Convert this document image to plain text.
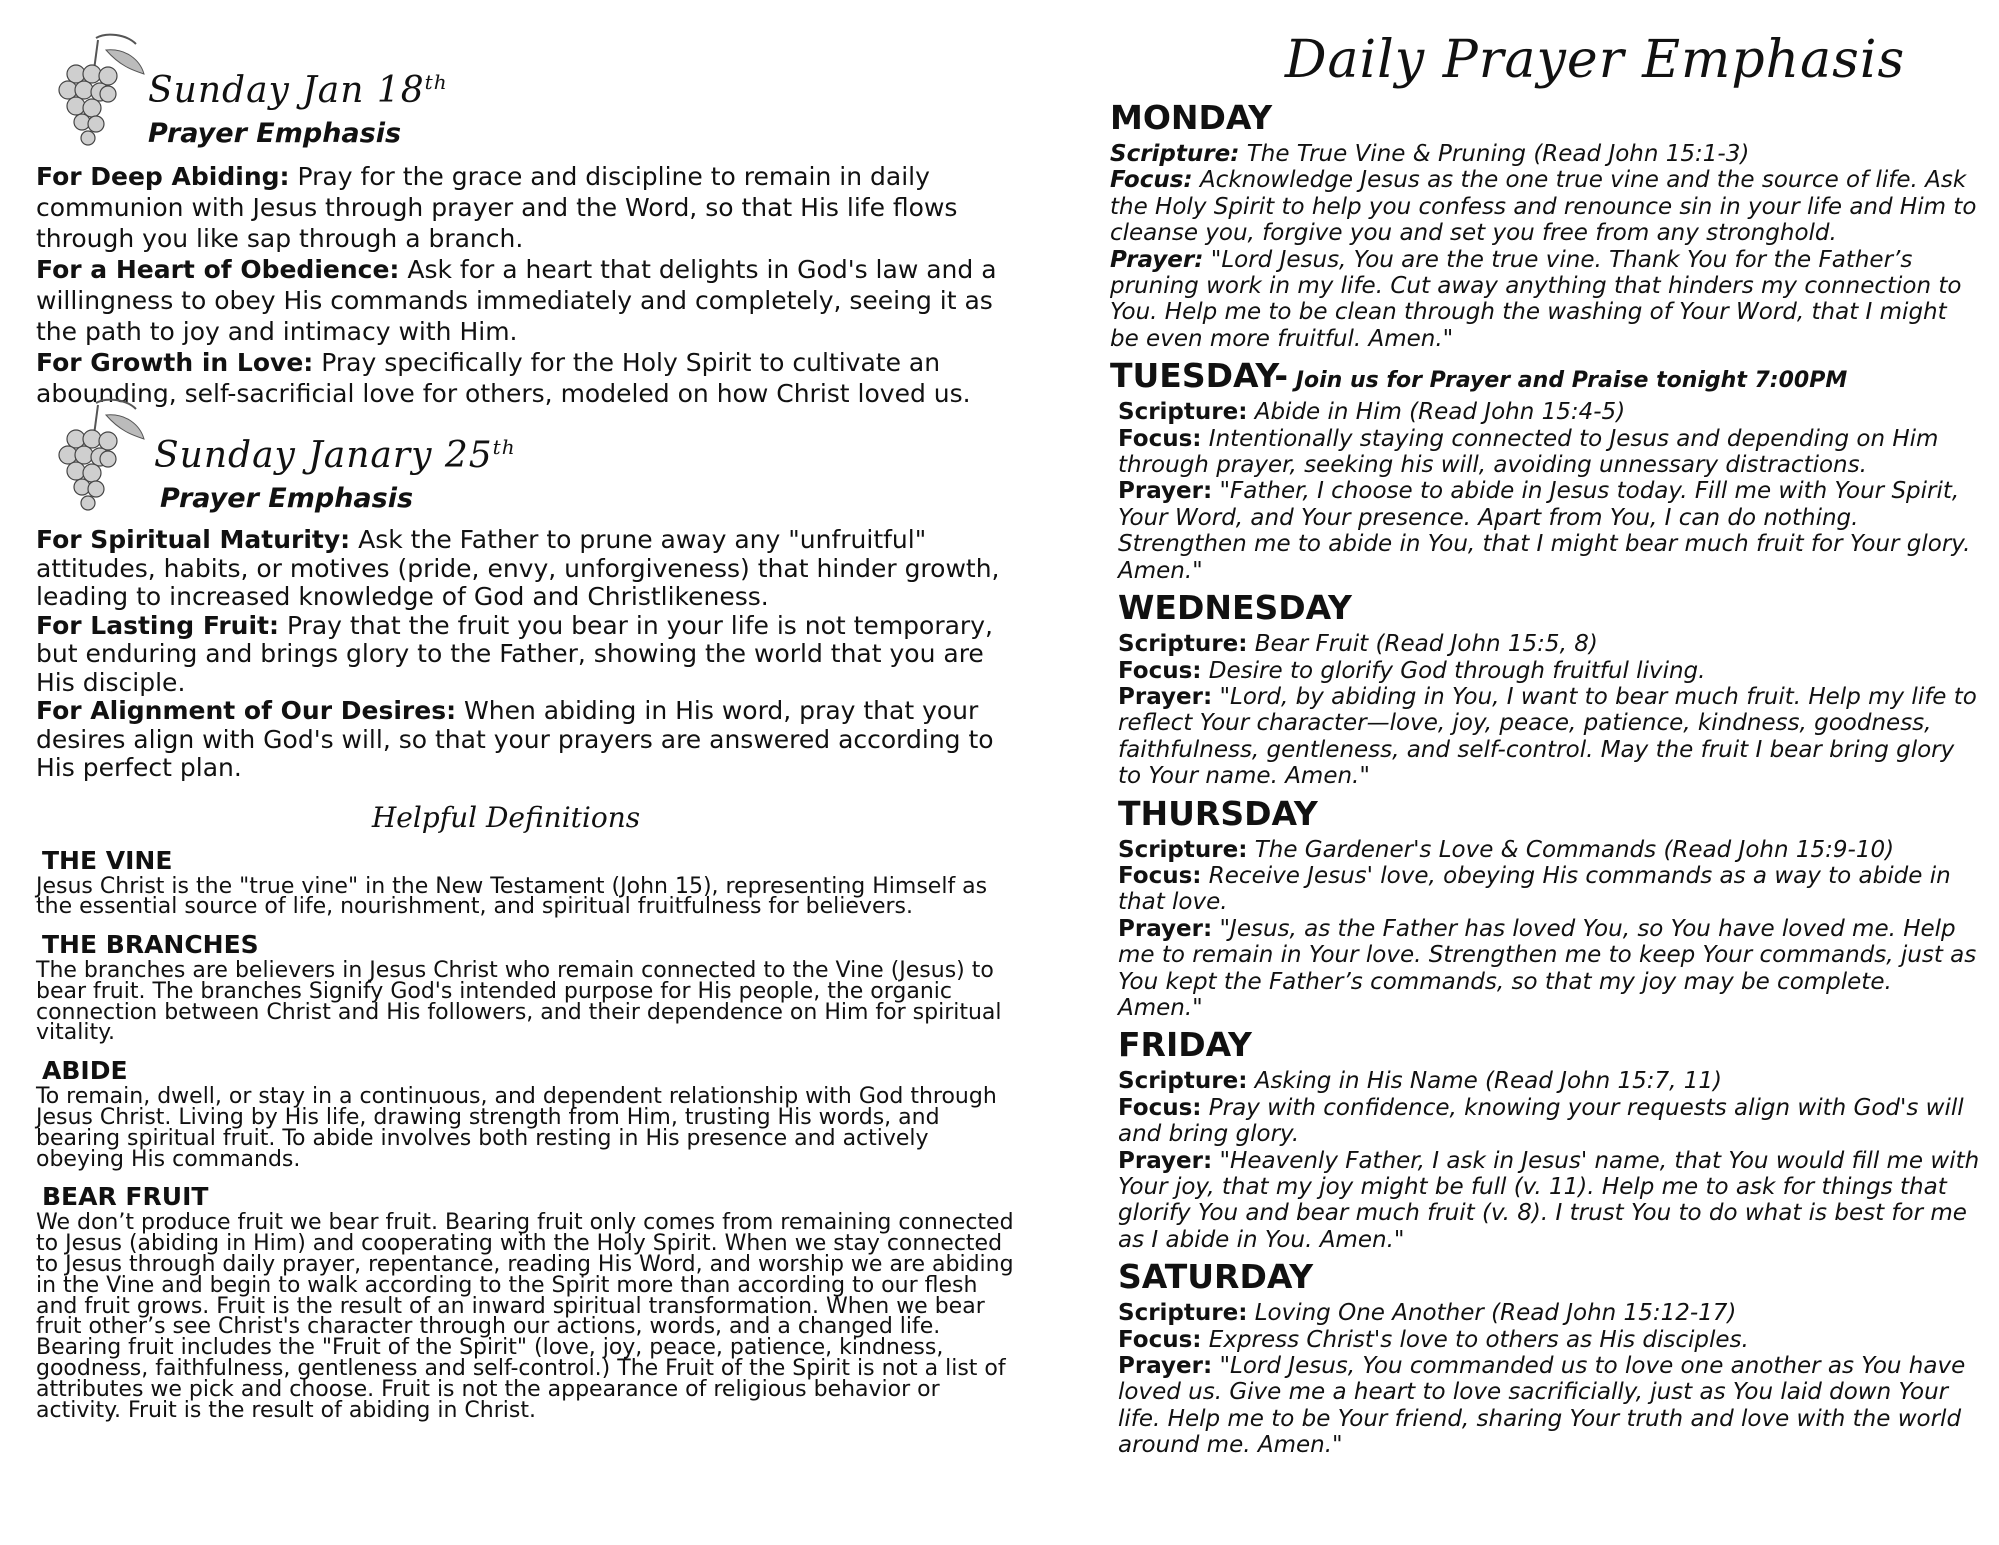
Sunday Jan 18th
Prayer Emphasis

For Deep Abiding: Pray for the grace and discipline to remain in daily communion with Jesus through prayer and the Word, so that His life flows through you like sap through a branch.

For a Heart of Obedience: Ask for a heart that delights in God's law and a willingness to obey His commands immediately and completely, seeing it as the path to joy and intimacy with Him.

For Growth in Love: Pray specifically for the Holy Spirit to cultivate an abounding, self-sacrificial love for others, modeled on how Christ loved us.

Sunday Janary 25th
Prayer Emphasis

For Spiritual Maturity: Ask the Father to prune away any "unfruitful" attitudes, habits, or motives (pride, envy, unforgiveness) that hinder growth, leading to increased knowledge of God and Christlikeness.

For Lasting Fruit: Pray that the fruit you bear in your life is not temporary, but enduring and brings glory to the Father, showing the world that you are His disciple.

For Alignment of Our Desires: When abiding in His word, pray that your desires align with God's will, so that your prayers are answered according to His perfect plan.

Helpful Definitions
THE VINE

Jesus Christ is the "true vine" in the New Testament (John 15), representing Himself as the essential source of life, nourishment, and spiritual fruitfulness for believers.

THE BRANCHES

The branches are believers in Jesus Christ who remain connected to the Vine (Jesus) to bear fruit. The branches Signify God's intended purpose for His people, the organic connection between Christ and His followers, and their dependence on Him for spiritual vitality.

ABIDE

To remain, dwell, or stay in a continuous, and dependent relationship with God through Jesus Christ. Living by His life, drawing strength from Him, trusting His words, and bearing spiritual fruit. To abide involves both resting in His presence and actively obeying His commands.

BEAR FRUIT

We don’t produce fruit we bear fruit. Bearing fruit only comes from remaining connected to Jesus (abiding in Him) and cooperating with the Holy Spirit. When we stay connected to Jesus through daily prayer, repentance, reading His Word, and worship we are abiding in the Vine and begin to walk according to the Spirit more than according to our flesh and fruit grows. Fruit is the result of an inward spiritual transformation. When we bear fruit other’s see Christ's character through our actions, words, and a changed life. Bearing fruit includes the "Fruit of the Spirit" (love, joy, peace, patience, kindness, goodness, faithfulness, gentleness and self-control.) The Fruit of the Spirit is not a list of attributes we pick and choose. Fruit is not the appearance of religious behavior or activity. Fruit is the result of abiding in Christ.

Daily Prayer Emphasis
MONDAY

Scripture: The True Vine & Pruning (Read John 15:1-3)

Focus: Acknowledge Jesus as the one true vine and the source of life. Ask the Holy Spirit to help you confess and renounce sin in your life and Him to cleanse you, forgive you and set you free from any stronghold.

Prayer: "Lord Jesus, You are the true vine. Thank You for the Father’s pruning work in my life. Cut away anything that hinders my connection to You. Help me to be clean through the washing of Your Word, that I might be even more fruitful. Amen."

TUESDAY- Join us for Prayer and Praise tonight 7:00PM

Scripture: Abide in Him (Read John 15:4-5)

Focus: Intentionally staying connected to Jesus and depending on Him through prayer, seeking his will, avoiding unnessary distractions.

Prayer: "Father, I choose to abide in Jesus today. Fill me with Your Spirit, Your Word, and Your presence. Apart from You, I can do nothing. Strengthen me to abide in You, that I might bear much fruit for Your glory. Amen."

WEDNESDAY

Scripture: Bear Fruit (Read John 15:5, 8)

Focus: Desire to glorify God through fruitful living.

Prayer: "Lord, by abiding in You, I want to bear much fruit. Help my life to reflect Your character—love, joy, peace, patience, kindness, goodness, faithfulness, gentleness, and self-control. May the fruit I bear bring glory to Your name. Amen."

THURSDAY

Scripture: The Gardener's Love & Commands (Read John 15:9-10)

Focus: Receive Jesus' love, obeying His commands as a way to abide in that love.

Prayer: "Jesus, as the Father has loved You, so You have loved me. Help me to remain in Your love. Strengthen me to keep Your commands, just as You kept the Father’s commands, so that my joy may be complete. Amen."

FRIDAY

Scripture: Asking in His Name (Read John 15:7, 11)

Focus: Pray with confidence, knowing your requests align with God's will and bring glory.

Prayer: "Heavenly Father, I ask in Jesus' name, that You would fill me with Your joy, that my joy might be full (v. 11). Help me to ask for things that glorify You and bear much fruit (v. 8). I trust You to do what is best for me as I abide in You. Amen."

SATURDAY

Scripture: Loving One Another (Read John 15:12-17)

Focus: Express Christ's love to others as His disciples.

Prayer: "Lord Jesus, You commanded us to love one another as You have loved us. Give me a heart to love sacrificially, just as You laid down Your life. Help me to be Your friend, sharing Your truth and love with the world around me. Amen."
